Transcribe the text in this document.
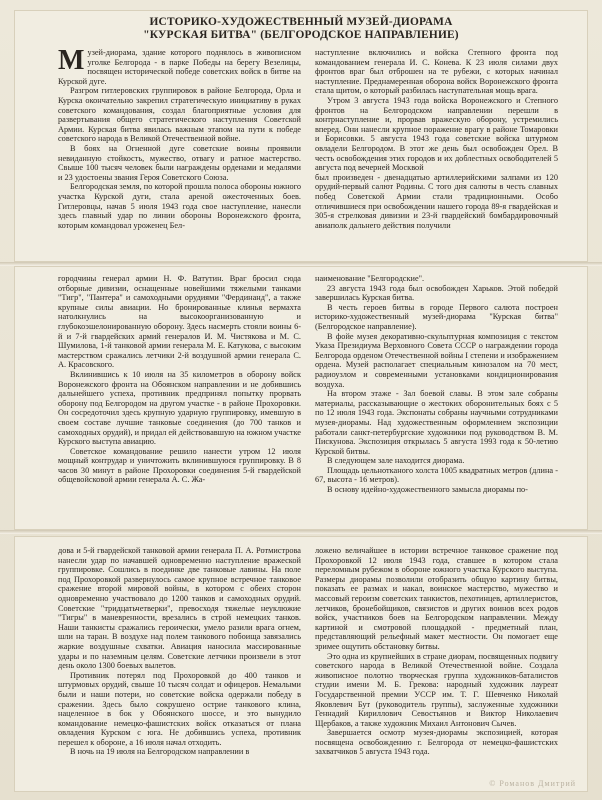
ИСТОРИКО-ХУДОЖЕСТВЕННЫЙ МУЗЕЙ-ДИОРАМА
"КУРСКАЯ БИТВА" (БЕЛГОРОДСКОЕ НАПРАВЛЕНИЕ)

Музей-диорама, здание которого поднялось в живописном уголке Белгорода - в парке Победы на берегу Везелицы, посвящен исторической победе советских войск в битве на Курской дуге.

Разгром гитлеровских группировок в районе Белгорода, Орла и Курска окончательно закрепил стратегическую инициативу в руках советского командования, создал благоприятные условия для развертывания общего стратегического наступления Советской Армии. Курская битва явилась важным этапом на пути к победе советского народа в Великой Отечественной войне.

В боях на Огненной дуге советские воины проявили невиданную стойкость, мужество, отвагу и ратное мастерство. Свыше 100 тысяч человек были награждены орденами и медалями и 23 удостоены звания Героя Советского Союза.

Белгородская земля, по которой прошла полоса обороны южного участка Курской дуги, стала ареной ожесточенных боев. Гитлеровцы, начав 5 июля 1943 года свое наступление, нанесли здесь главный удар по линии обороны Воронежского фронта, которым командовал уроженец Бел-

наступление включились и войска Степного фронта под командованием генерала И. С. Конева. К 23 июля силами двух фронтов враг был отброшен на те рубежи, с которых начинал наступление. Преднамеренная оборона войск Воронежского фронта стала щитом, о который разбилась наступательная мощь врага.

Утром 3 августа 1943 года войска Воронежского и Степного фронтов на Белгородском направлении перешли в контрнаступление и, прорвав вражескую оборону, устремились вперед. Они нанесли крупное поражение врагу в районе Томаровки и Борисовки. 5 августа 1943 года советские войска штурмом овладели Белгородом. В этот же день был освобожден Орел. В честь освобождения этих городов и их доблестных освободителей 5 августа под вечерней Москвой

был произведен - двенадцатью артиллерийскими залпами из 120 орудий-первый салют Родины. С того дня салюты в честь славных побед Советской Армии стали традиционными. Особо отличившиеся при освобождении нашего города 89-я гвардейская и 305-я стрелковая дивизии и 23-й гвардейский бомбардировочный авиаполк дальнего действия получили

городчины генерал армии Н. Ф. Ватутин. Враг бросил сюда отборные дивизии, оснащенные новейшими тяжелыми танками "Тигр", "Пантера" и самоходными орудиями "Фердинанд", а также крупные силы авиации. Но бронированные клинья вермахта натолкнулись на высокоорганизованную и глубокоэшелонированную оборону. Здесь насмерть стояли воины 6-й и 7-й гвардейских армий генералов И. М. Чистякова и М. С. Шумилова, 1-й танковой армии генерала М. Е. Катукова, с высоким мастерством сражались летчики 2-й воздушной армии генерала С. А. Красовского.

Вклинившись к 10 июля на 35 километров в оборону войск Воронежского фронта на Обоянском направлении и не добившись дальнейшего успеха, противник предпринял попытку прорвать оборону под Белгородом на другом участке - в районе Прохоровки. Он сосредоточил здесь крупную ударную группировку, имевшую в своем составе лучшие танковые соединения (до 700 танков и самоходных орудий), и придал ей действовавшую на южном участке Курского выступа авиацию.

Советское командование решило нанести утром 12 июля мощный контрудар и уничтожить вклинившуюся группировку. В 8 часов 30 минут в районе Прохоровки соединения 5-й гвардейской общевойсковой армии генерала А. С. Жа-

наименование "Белгородские".

23 августа 1943 года был освобожден Харьков. Этой победой завершилась Курская битва.

В честь героев битвы в городе Первого салюта построен историко-художественный музей-диорама "Курская битва" (Белгородское направление).

В фойе музея декоративно-скульптурная композиция с текстом Указа Президиума Верховного Совета СССР о награждении города Белгорода орденом Отечественной войны I степени и изображением ордена. Музей располагает специальным кинозалом на 70 мест, радиоузлом и современными установками кондиционирования воздуха.

На втором этаже - Зал боевой славы. В этом зале собраны материалы, рассказывающие о жестоких оборонительных боях с 5 по 12 июля 1943 года. Экспонаты собраны научными сотрудниками музея-диорамы. Над художественным оформлением экспозиции работали санкт-петербургские художники под руководством В. М. Пискунова. Экспозиция открылась 5 августа 1993 года к 50-летию Курской битвы.

В следующем зале находится диорама.

Площадь цельнотканого холста 1005 квадратных метров (длина - 67, высота - 16 метров).

В основу идейно-художественного замысла диорамы по-

дова и 5-й гвардейской танковой армии генерала П. А. Ротмистрова нанесли удар по начавшей одновременно наступление вражеской группировке. Сошлись в поединке две танковые лавины. На поле под Прохоровкой развернулось самое крупное встречное танковое сражение второй мировой войны, в котором с обеих сторон одновременно участвовало до 1200 танков и самоходных орудий. Советские "тридцатьчетверки", превосходя тяжелые неуклюжие "Тигры" в маневренности, врезались в строй немецких танков. Наши танкисты сражались героически, умело разили врага огнем, шли на таран. В воздухе над полем танкового побоища завязались жаркие воздушные схватки. Авиация наносила массированные удары и по наземным целям. Советские летчики произвели в этот день около 1300 боевых вылетов.

Противник потерял под Прохоровкой до 400 танков и штурмовых орудий, свыше 10 тысяч солдат и офицеров. Немалыми были и наши потери, но советские войска одержали победу в сражении. Здесь было сокрушено острие танкового клина, нацеленное в бок у Обоянского шоссе, и это вынудило командование немецко-фашистских войск отказаться от плана овладения Курском с юга. Не добившись успеха, противник перешел к обороне, а 16 июля начал отходить.

В ночь на 19 июля на Белгородском направлении в

ложено величайшее в истории встречное танковое сражение под Прохоровкой 12 июля 1943 года, ставшее в котором стала переломным рубежом в обороне южного участка Курского выступа. Размеры диорамы позволили отобразить общую картину битвы, показать ее размах и накал, воинское мастерство, мужество и массовый героизм советских танкистов, пехотинцев, артиллеристов, летчиков, бронебойщиков, связистов и других воинов всех родов войск, участников боев на Белгородском направлении. Между картиной и смотровой площадкой - предметный план, представляющий рельефный макет местности. Он помогает еще зримее ощутить обстановку битвы.

Это одна из крупнейших в стране диорам, посвященных подвигу советского народа в Великой Отечественной войне. Создала живописное полотно творческая группа художников-баталистов студии имени М. Б. Грекова: народный художник лауреат Государственной премии УССР им. Т. Г. Шевченко Николай Яковлевич Бут (руководитель группы), заслуженные художники Геннадий Кириллович Севостьянов и Виктор Николаевич Щербаков, а также художник Михаил Антонович Сычев.

Завершается осмотр музея-диорамы экспозицией, которая посвящена освобождению г. Белгорода от немецко-фашистских захватчиков 5 августа 1943 года.

© Романов Дмитрий
